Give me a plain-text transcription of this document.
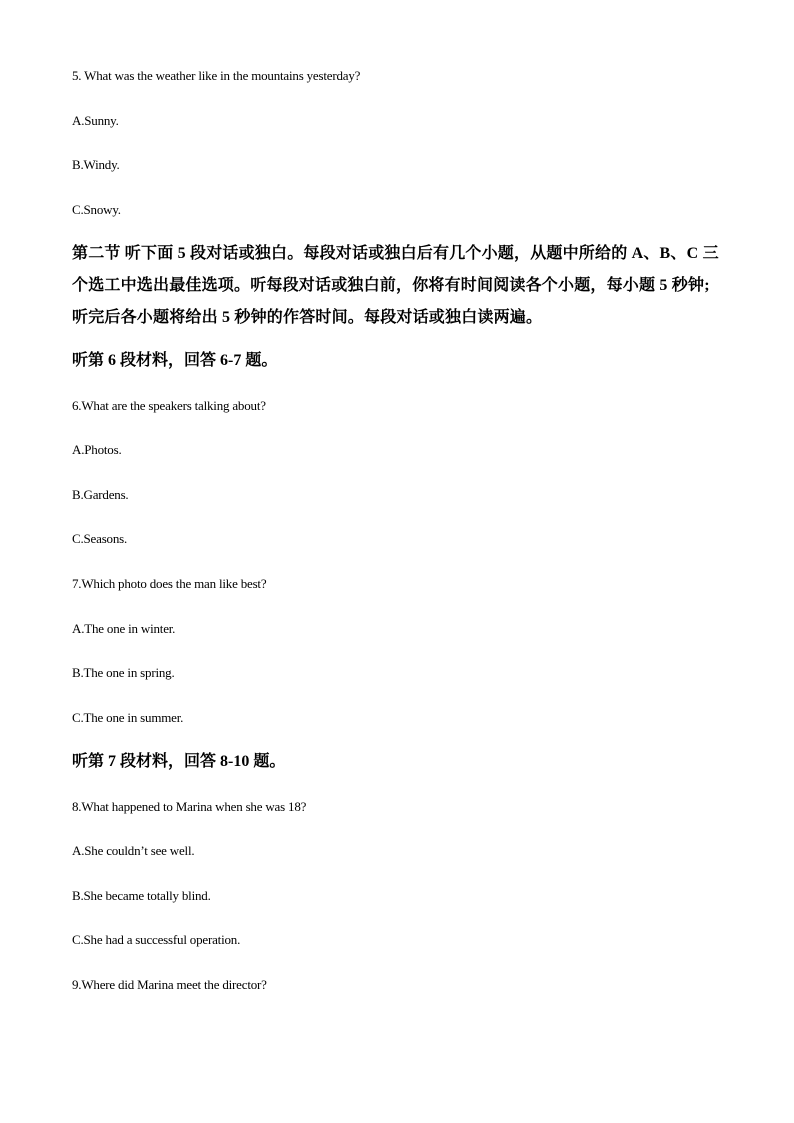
5. What was the weather like in the mountains yesterday?
A.Sunny.
B.Windy.
C.Snowy.
第二节 听下面 5 段对话或独白。每段对话或独白后有几个小题，从题中所给的 A、B、C 三个选工中选出最佳选项。听每段对话或独白前，你将有时间阅读各个小题，每小题 5 秒钟;听完后各小题将给出 5 秒钟的作答时间。每段对话或独白读两遍。
听第 6 段材料，回答 6-7 题。
6.What are the speakers talking about?
A.Photos.
B.Gardens.
C.Seasons.
7.Which photo does the man like best?
A.The one in winter.
B.The one in spring.
C.The one in summer.
听第 7 段材料，回答 8-10 题。
8.What happened to Marina when she was 18?
A.She couldn’t see well.
B.She became totally blind.
C.She had a successful operation.
9.Where did Marina meet the director?
